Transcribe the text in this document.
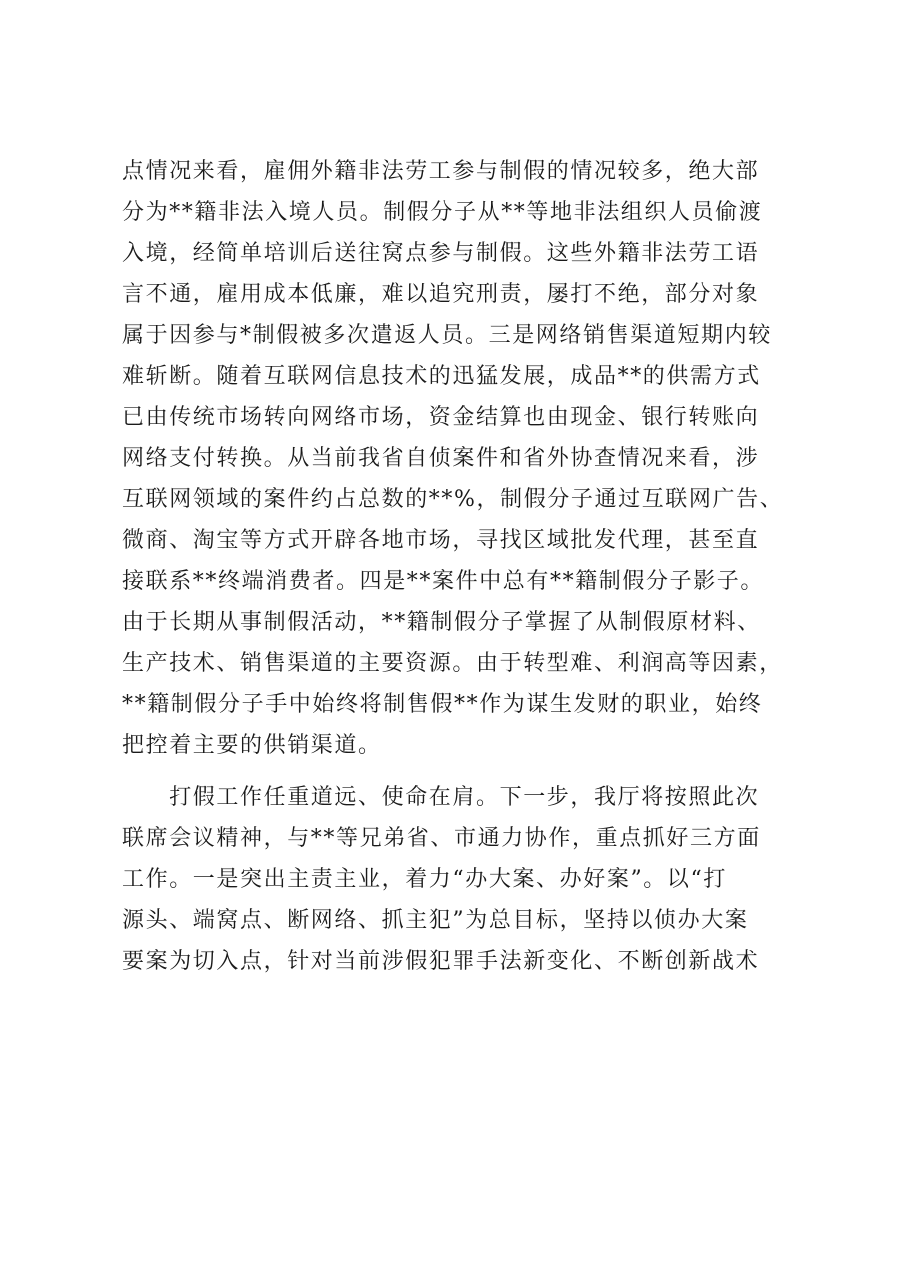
点情况来看，雇佣外籍非法劳工参与制假的情况较多，绝大部
分为**籍非法入境人员。制假分子从**等地非法组织人员偷渡
入境，经简单培训后送往窝点参与制假。这些外籍非法劳工语
言不通，雇用成本低廉，难以追究刑责，屡打不绝，部分对象
属于因参与*制假被多次遣返人员。三是网络销售渠道短期内较
难斩断。随着互联网信息技术的迅猛发展，成品**的供需方式
已由传统市场转向网络市场，资金结算也由现金、银行转账向
网络支付转换。从当前我省自侦案件和省外协查情况来看，涉
互联网领域的案件约占总数的**%，制假分子通过互联网广告、
微商、淘宝等方式开辟各地市场，寻找区域批发代理，甚至直
接联系**终端消费者。四是**案件中总有**籍制假分子影子。
由于长期从事制假活动，**籍制假分子掌握了从制假原材料、
生产技术、销售渠道的主要资源。由于转型难、利润高等因素，
**籍制假分子手中始终将制售假**作为谋生发财的职业，始终
把控着主要的供销渠道。
　　打假工作任重道远、使命在肩。下一步，我厅将按照此次
联席会议精神，与**等兄弟省、市通力协作，重点抓好三方面
工作。一是突出主责主业，着力“办大案、办好案”。以“打
源头、端窝点、断网络、抓主犯”为总目标，坚持以侦办大案
要案为切入点，针对当前涉假犯罪手法新变化、不断创新战术
